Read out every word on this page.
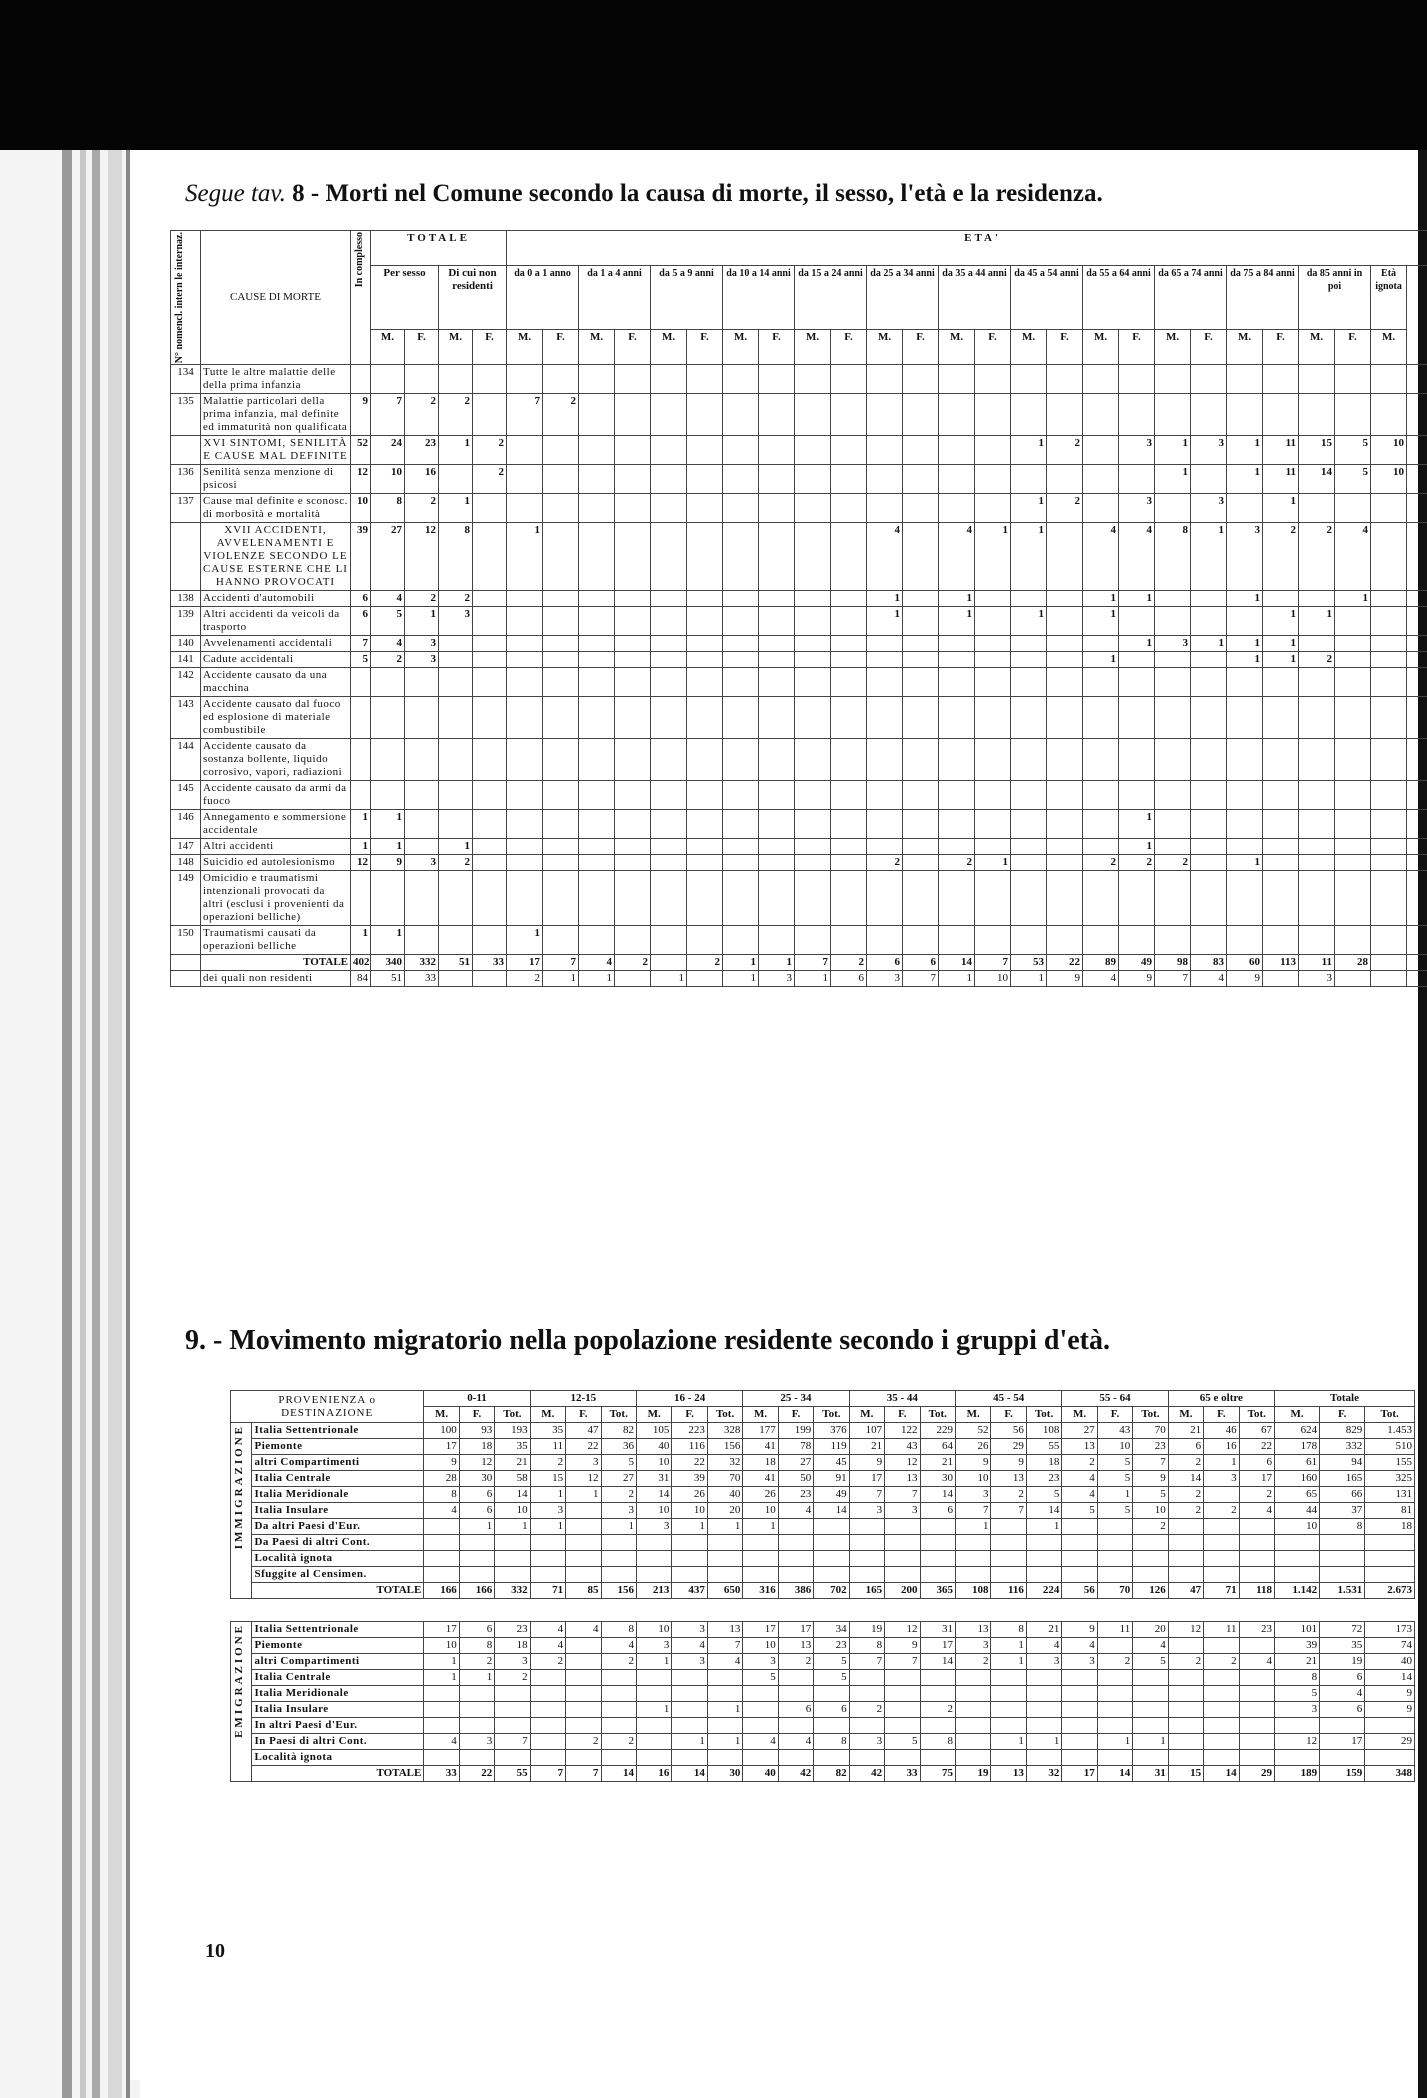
Segue tav. 8 - Morti nel Comune secondo la causa di morte, il sesso, l'età e la residenza.
N° nomencl. intern le internaz.	CAUSE DI MORTE	In complesso	TOTALE				ETA'																									
			Per sesso		Di cui non residenti		da 0 a 1 anno		da 1 a 4 anni		da 5 a 9 anni		da 10 a 14 anni		da 15 a 24 anni		da 25 a 34 anni		da 35 a 44 anni		da 45 a 54 anni		da 55 a 64 anni		da 65 a 74 anni		da 75 a 84 anni		da 85 anni in poi		Età ignota	
			M.	F.	M.	F.	M.	F.	M.	F.	M.	F.	M.	F.	M.	F.	M.	F.	M.	F.	M.	F.	M.	F.	M.	F.	M.	F.	M.	F.	M.	
134	Tutte le altre malattie delle della prima infanzia																															
135	Malattie particolari della prima infanzia, mal definite ed immaturità non qualificata	9	7	2	2		7	2																								
	XVI SINTOMI, SENILITÀ E CAUSE MAL DEFINITE	52	24	23	1	2															1	2		3	1	3	1	11	15	5	10	
136	Senilità senza menzione di psicosi	12	10	16		2																			1		1	11	14	5	10	
137	Cause mal definite e sconosc. di morbosità e mortalità	10	8	2	1																1	2		3		3		1				
	XVII ACCIDENTI, AVVELENAMENTI E VIOLENZE SECONDO LE CAUSE ESTERNE CHE LI HANNO PROVOCATI	39	27	12	8		1										4		4	1	1		4	4	8	1	3	2	2	4		
138	Accidenti d'automobili	6	4	2	2												1		1				1	1			1			1		
139	Altri accidenti da veicoli da trasporto	6	5	1	3												1		1		1		1					1	1			
140	Avvelenamenti accidentali	7	4	3																				1	3	1	1	1				
141	Cadute accidentali	5	2	3																			1				1	1	2			
142	Accidente causato da una macchina																															
143	Accidente causato dal fuoco ed esplosione di materiale combustibile																															
144	Accidente causato da sostanza bollente, liquido corrosivo, vapori, radiazioni																															
145	Accidente causato da armi da fuoco																															
146	Annegamento e sommersione accidentale	1	1																					1								
147	Altri accidenti	1	1		1																			1								
148	Suicidio ed autolesionismo	12	9	3	2												2		2	1			2	2	2		1					
149	Omicidio e traumatismi intenzionali provocati da altri (esclusi i provenienti da operazioni belliche)																															
150	Traumatismi causati da operazioni belliche	1	1				1																									
	TOTALE	402	340	332	51	33	17	7	4	2		2	1	1	7	2	6	6	14	7	53	22	89	49	98	83	60	113	11	28		
	dei quali non residenti	84	51	33			2	1	1		1		1	3	1	6	3	7	1	10	1	9	4	9	7	4	9		3			
9. - Movimento migratorio nella popolazione residente secondo i gruppi d'età.
PROVENIENZA o DESTINAZIONE		0-11			12-15			16 - 24			25 - 34			35 - 44			45 - 54			55 - 64			65 e oltre			Totale		
		M.	F.	Tot.	M.	F.	Tot.	M.	F.	Tot.	M.	F.	Tot.	M.	F.	Tot.	M.	F.	Tot.	M.	F.	Tot.	M.	F.	Tot.	M.	F.	Tot.

IMMIGRAZIONE	Italia Settentrionale	100	93	193	35	47	82	105	223	328	177	199	376	107	122	229	52	56	108	27	43	70	21	46	67	624	829	1.453
	Piemonte	17	18	35	11	22	36	40	116	156	41	78	119	21	43	64	26	29	55	13	10	23	6	16	22	178	332	510
	altri Compartimenti	9	12	21	2	3	5	10	22	32	18	27	45	9	12	21	9	9	18	2	5	7	2	1	6	61	94	155
	Italia Centrale	28	30	58	15	12	27	31	39	70	41	50	91	17	13	30	10	13	23	4	5	9	14	3	17	160	165	325
	Italia Meridionale	8	6	14	1	1	2	14	26	40	26	23	49	7	7	14	3	2	5	4	1	5	2		2	65	66	131
	Italia Insulare	4	6	10	3		3	10	10	20	10	4	14	3	3	6	7	7	14	5	5	10	2	2	4	44	37	81
	Da altri Paesi d'Eur.		1	1	1		1	3	1	1	1						1		1			2				10	8	18
	Da Paesi di altri Cont.																											
	Località ignota																											
	Sfuggite al Censimen.																											
	TOTALE	166	166	332	71	85	156	213	437	650	316	386	702	165	200	365	108	116	224	56	70	126	47	71	118	1.142	1.531	2.673

EMIGRAZIONE	Italia Settentrionale	17	6	23	4	4	8	10	3	13	17	17	34	19	12	31	13	8	21	9	11	20	12	11	23	101	72	173
	Piemonte	10	8	18	4		4	3	4	7	10	13	23	8	9	17	3	1	4	4		4				39	35	74
	altri Compartimenti	1	2	3	2		2	1	3	4	3	2	5	7	7	14	2	1	3	3	2	5	2	2	4	21	19	40
	Italia Centrale	1	1	2							5		5													8	6	14
	Italia Meridionale																									5	4	9
	Italia Insulare							1		1		6	6	2		2										3	6	9
	In altri Paesi d'Eur.																											
	In Paesi di altri Cont.	4	3	7		2	2		1	1	4	4	8	3	5	8		1	1		1	1				12	17	29
	Località ignota																											
	TOTALE	33	22	55	7	7	14	16	14	30	40	42	82	42	33	75	19	13	32	17	14	31	15	14	29	189	159	348
10
